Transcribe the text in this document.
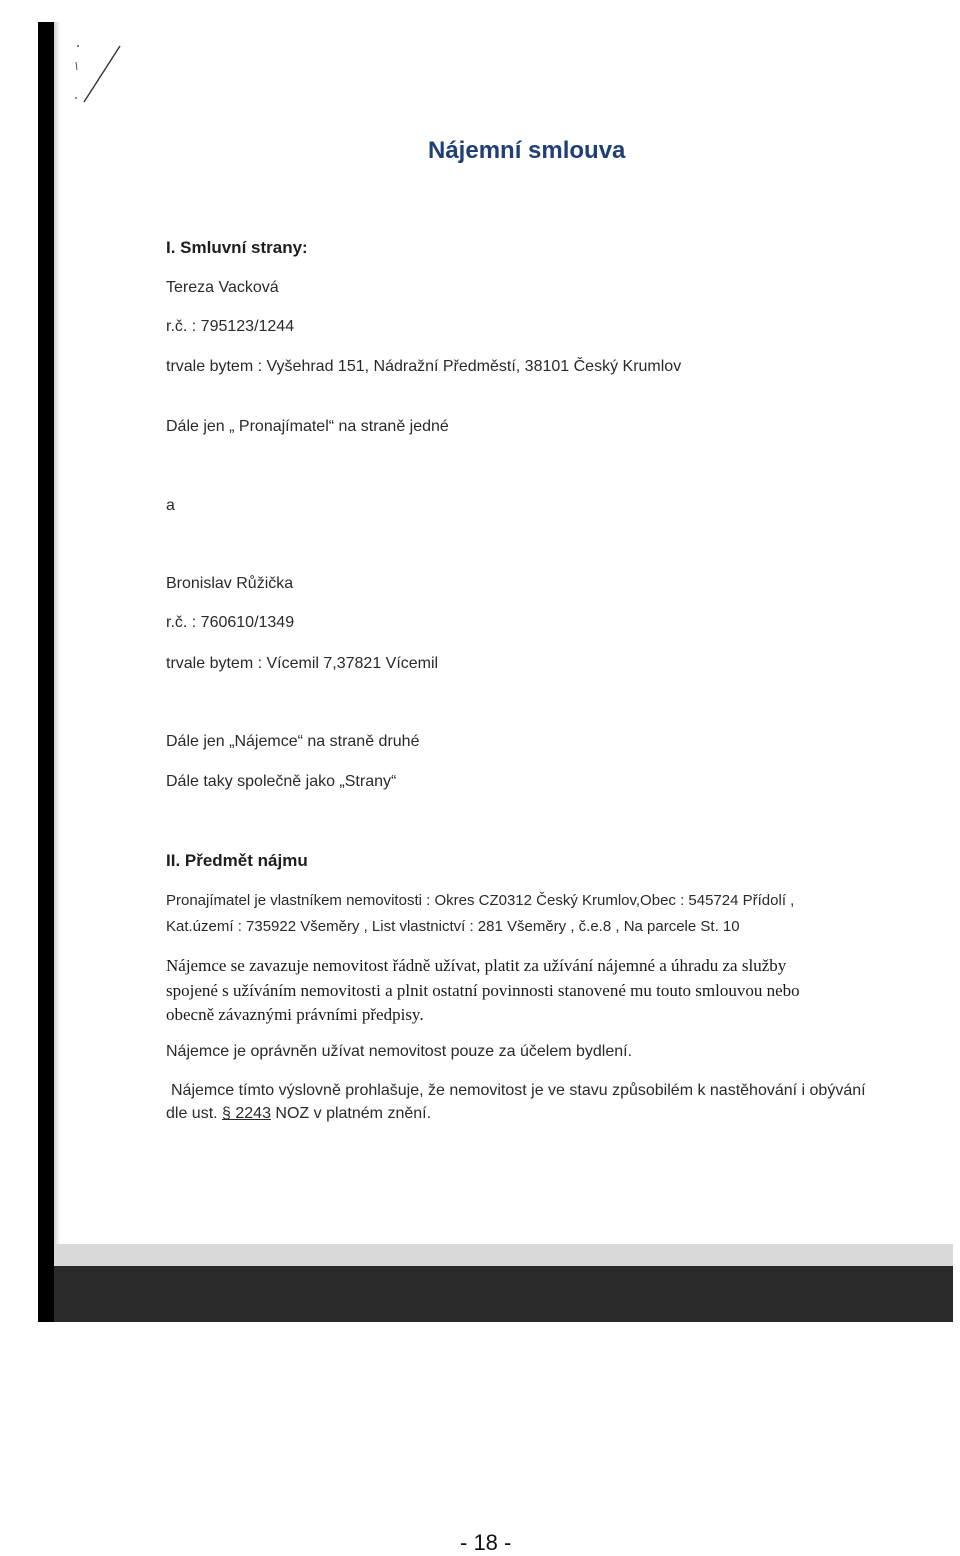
Nájemní smlouva

I. Smluvní strany:

Tereza Vacková

r.č. : 795123/1244

trvale bytem : Vyšehrad 151, Nádražní Předměstí, 38101 Český Krumlov

Dále jen „ Pronajímatel“ na straně jedné

a

Bronislav Růžička

r.č. : 760610/1349

trvale bytem : Vícemil 7,37821 Vícemil

Dále jen „Nájemce“ na straně druhé

Dále taky společně jako „Strany“

II. Předmět nájmu

Pronajímatel je vlastníkem nemovitosti : Okres CZ0312 Český Krumlov,Obec : 545724 Přídolí ,

Kat.území : 735922 Všeměry , List vlastnictví : 281 Všeměry , č.e.8 , Na parcele St. 10

Nájemce se zavazuje nemovitost řádně užívat, platit za užívání nájemné a úhradu za služby

spojené s užíváním nemovitosti a plnit ostatní povinnosti stanovené mu touto smlouvou nebo

obecně závaznými právními předpisy.

Nájemce je oprávněn užívat nemovitost pouze za účelem bydlení.

Nájemce tímto výslovně prohlašuje, že nemovitost je ve stavu způsobilém k nastěhování i obývání

dle ust. § 2243 NOZ v platném znění.

- 18 -
